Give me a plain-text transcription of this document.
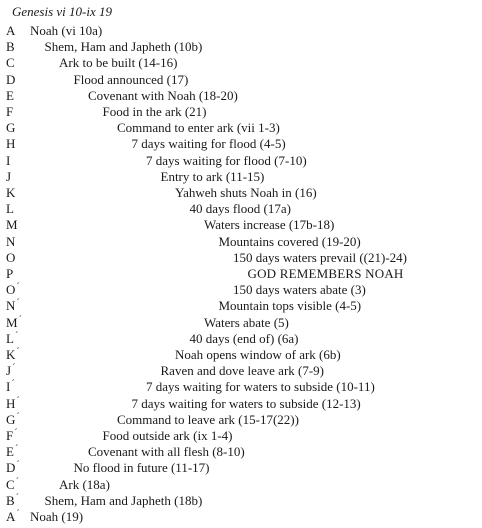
Genesis vi 10-ix 19
A Noah (vi 10a)
B Shem, Ham and Japheth (10b)
C	Ark to be built (14-16)
D	Flood announced (17)
E	Covenant with Noah (18-20)
F	Food in the ark (21)
G	Command to enter ark (vii 1-3)
H	7 days waiting for flood (4-5)
I	7 days waiting for flood (7-10)
J	Entry to ark (11-15)
K	Yahweh shuts Noah in (16)
L	40 days flood (17a)
M	Waters increase (17b-18)
N	Mountains covered (19-20)
O	150 days waters prevail ((21)-24)
P	GOD REMEMBERS NOAH
O´	150 days waters abate (3)
N´	Mountain tops visible (4-5)
M´	Waters abate (5)
L´	40 days (end of) (6a)
K´	Noah opens window of ark (6b)
J´	Raven and dove leave ark (7-9)
I´	7 days waiting for waters to subside (10-11)
H´	7 days waiting for waters to subside (12-13)
G´	Command to leave ark (15-17(22))
F´	Food outside ark (ix 1-4)
E´	Covenant with all flesh (8-10)
D´	No flood in future (11-17)
C´	Ark (18a)
B´ Shem, Ham and Japheth (18b)
A´ Noah (19)
